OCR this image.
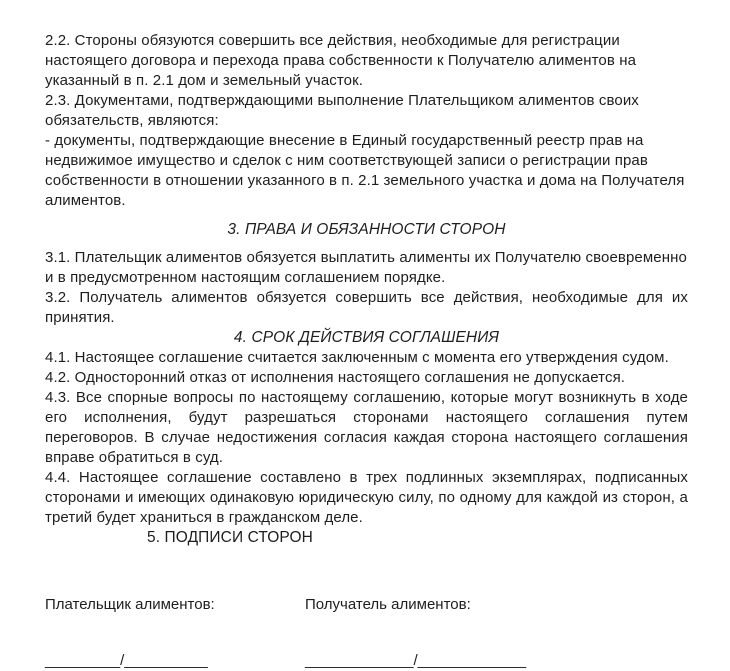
2.2. Стороны обязуются совершить все действия, необходимые для регистрации настоящего договора и перехода права собственности к Получателю алиментов на указанный в п. 2.1 дом и земельный участок.

2.3. Документами, подтверждающими выполнение Плательщиком алиментов своих обязательств, являются:

- документы, подтверждающие внесение в Единый государственный реестр прав на недвижимое имущество и сделок с ним соответствующей записи о регистрации прав собственности в отношении указанного в п. 2.1 земельного участка и дома на Получателя алиментов.

3. ПРАВА И ОБЯЗАННОСТИ СТОРОН

3.1. Плательщик алиментов обязуется выплатить алименты их Получателю своевременно и в предусмотренном настоящим соглашением порядке.

3.2. Получатель алиментов обязуется совершить все действия, необходимые для их принятия.

4. СРОК ДЕЙСТВИЯ СОГЛАШЕНИЯ

4.1. Настоящее соглашение считается заключенным с момента его утверждения судом.

4.2. Односторонний отказ от исполнения настоящего соглашения не допускается.

4.3. Все спорные вопросы по настоящему соглашению, которые могут возникнуть в ходе его исполнения, будут разрешаться сторонами настоящего соглашения путем переговоров. В случае недостижения согласия каждая сторона настоящего соглашения вправе обратиться в суд.

4.4. Настоящее соглашение составлено в трех подлинных экземплярах, подписанных сторонами и имеющих одинаковую юридическую силу, по одному для каждой из сторон, а третий будет храниться в гражданском деле.

5. ПОДПИСИ СТОРОН

Плательщик алиментов:	Получатель алиментов:
_________/__________	_____________/_____________
